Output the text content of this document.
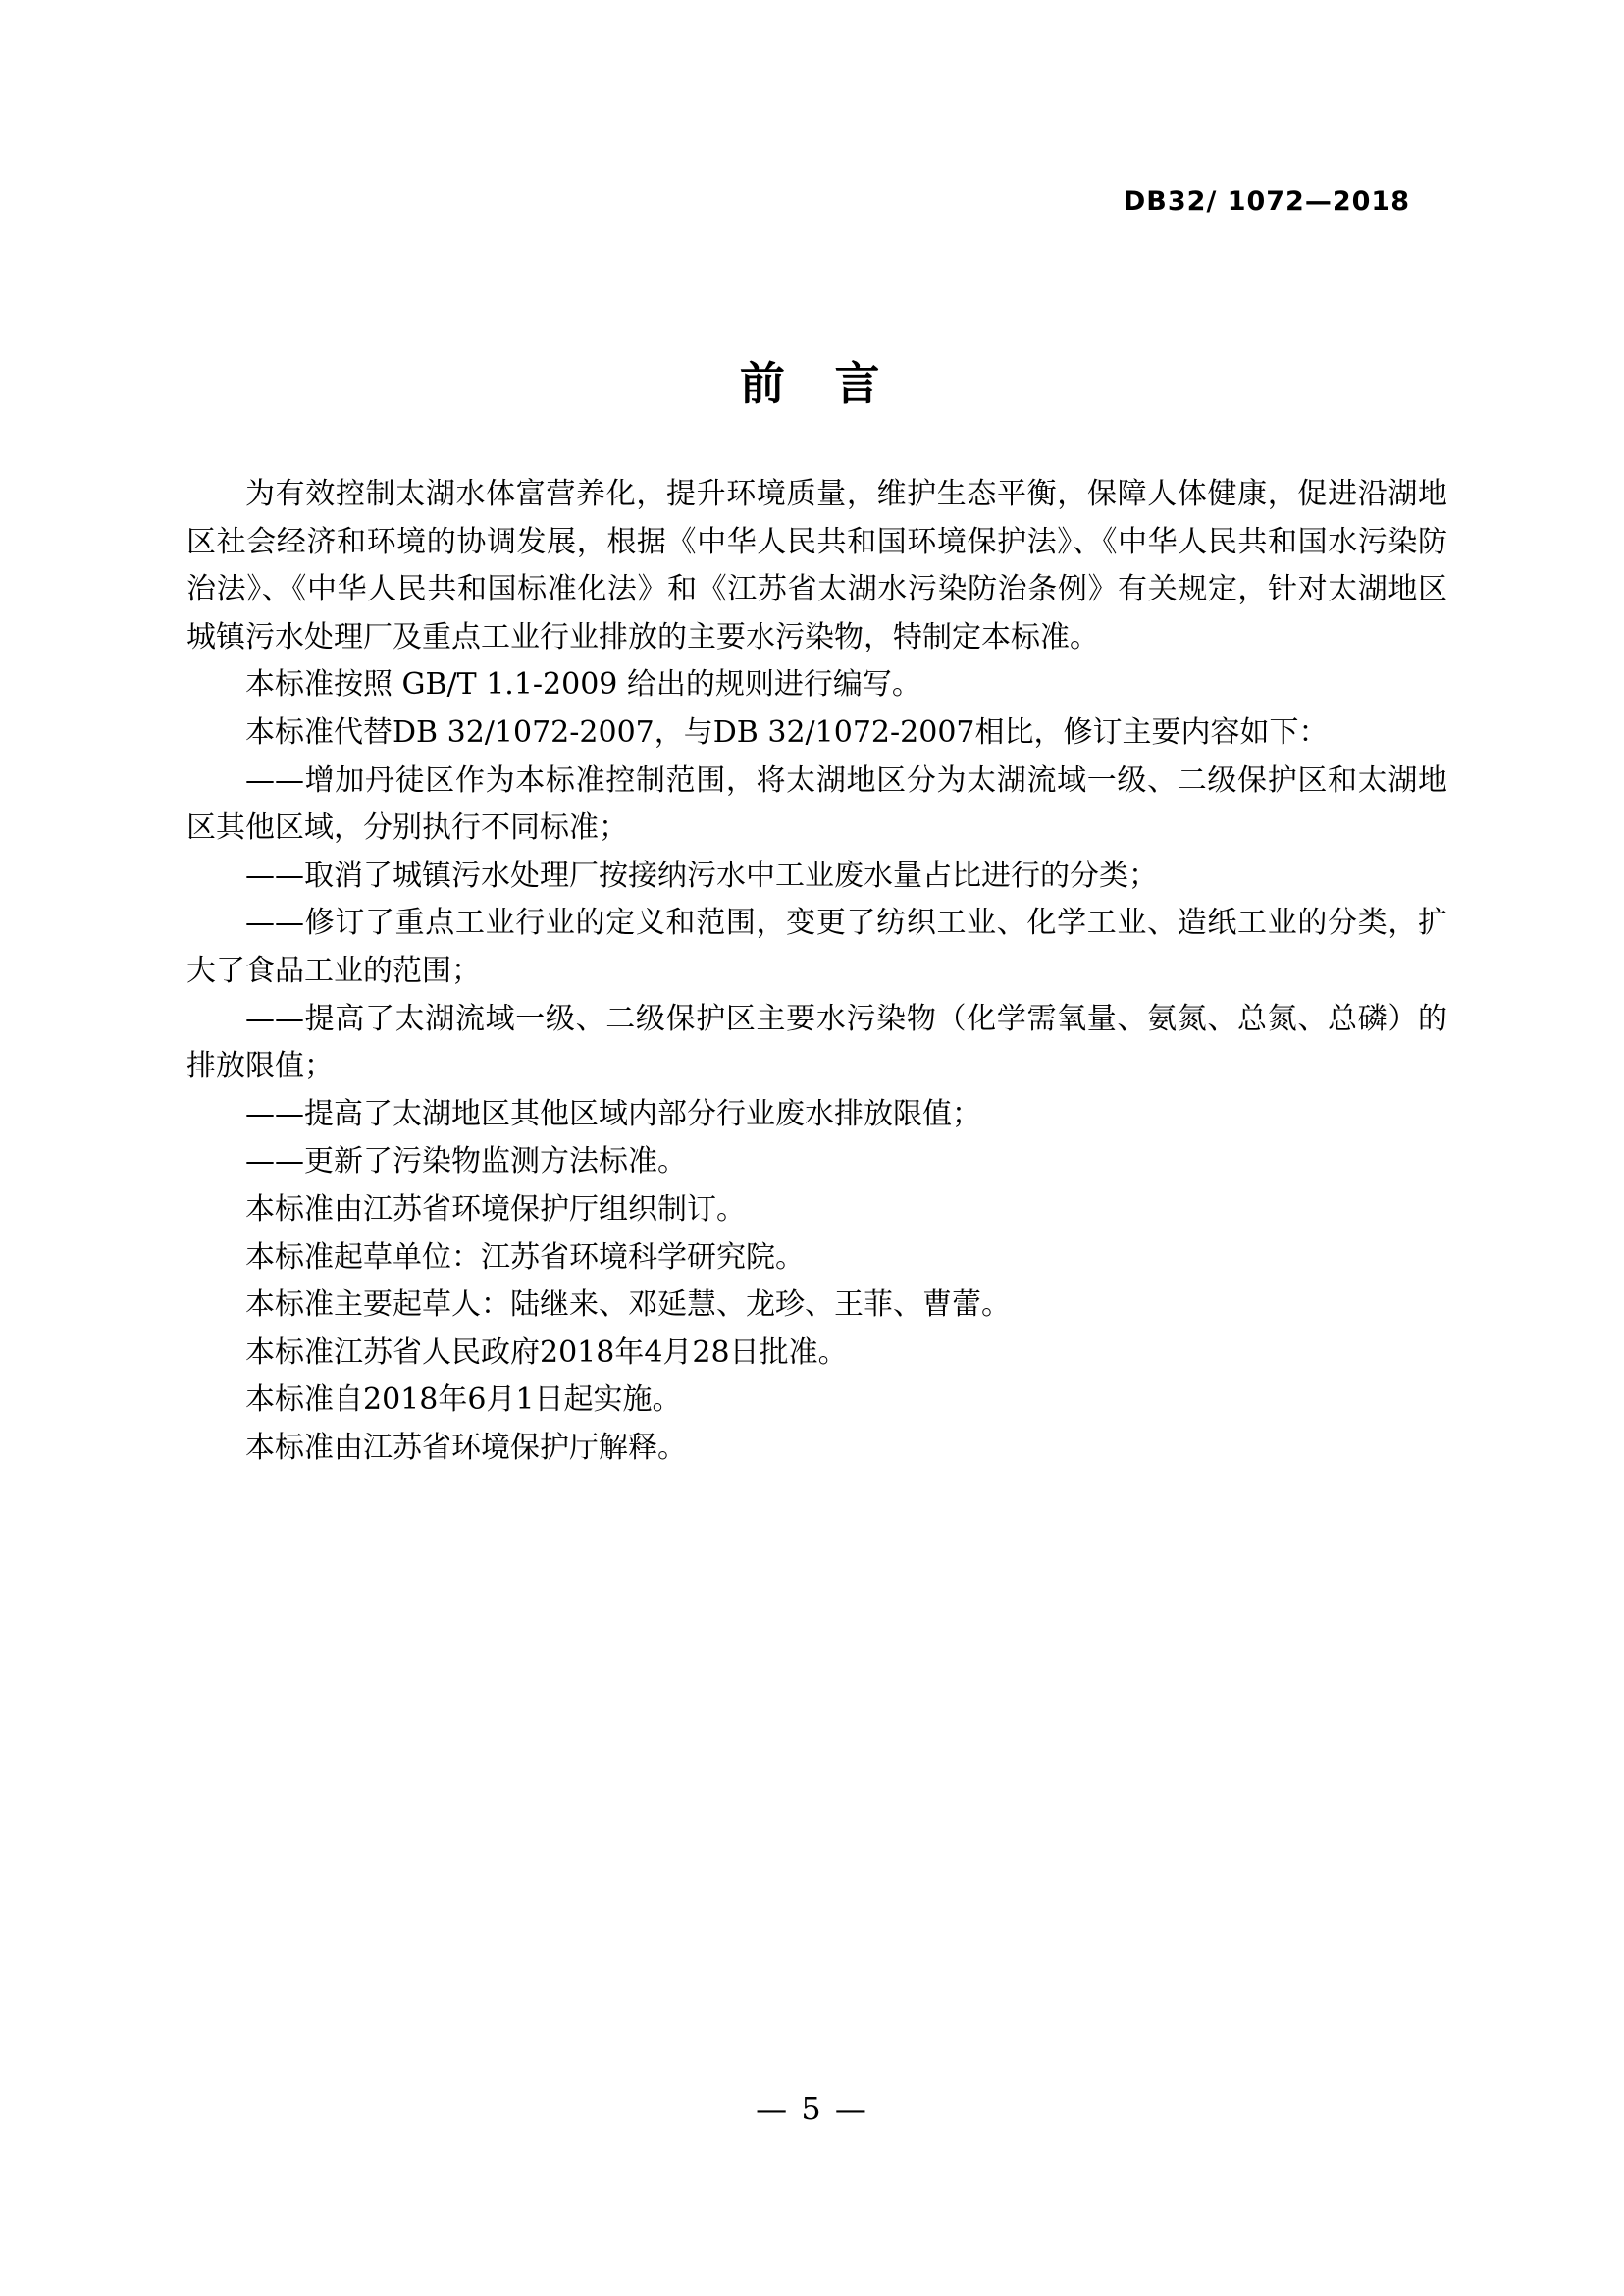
DB32/ 1072—2018
前 言

为有效控制太湖水体富营养化，提升环境质量，维护生态平衡，保障人体健康，促进沿湖地区社会经济和环境的协调发展，根据《中华人民共和国环境保护法》、《中华人民共和国水污染防治法》、《中华人民共和国标准化法》和《江苏省太湖水污染防治条例》有关规定，针对太湖地区城镇污水处理厂及重点工业行业排放的主要水污染物，特制定本标准。

本标准按照 GB/T 1.1-2009 给出的规则进行编写。

本标准代替DB 32/1072-2007，与DB 32/1072-2007相比，修订主要内容如下：

——增加丹徒区作为本标准控制范围，将太湖地区分为太湖流域一级、二级保护区和太湖地区其他区域，分别执行不同标准；

——取消了城镇污水处理厂按接纳污水中工业废水量占比进行的分类；

——修订了重点工业行业的定义和范围，变更了纺织工业、化学工业、造纸工业的分类，扩大了食品工业的范围；

——提高了太湖流域一级、二级保护区主要水污染物（化学需氧量、氨氮、总氮、总磷）的排放限值；

——提高了太湖地区其他区域内部分行业废水排放限值；

——更新了污染物监测方法标准。

本标准由江苏省环境保护厅组织制订。

本标准起草单位：江苏省环境科学研究院。

本标准主要起草人：陆继来、邓延慧、龙珍、王菲、曹蕾。

本标准江苏省人民政府2018年4月28日批准。

本标准自2018年6月1日起实施。

本标准由江苏省环境保护厅解释。

— 5 —
